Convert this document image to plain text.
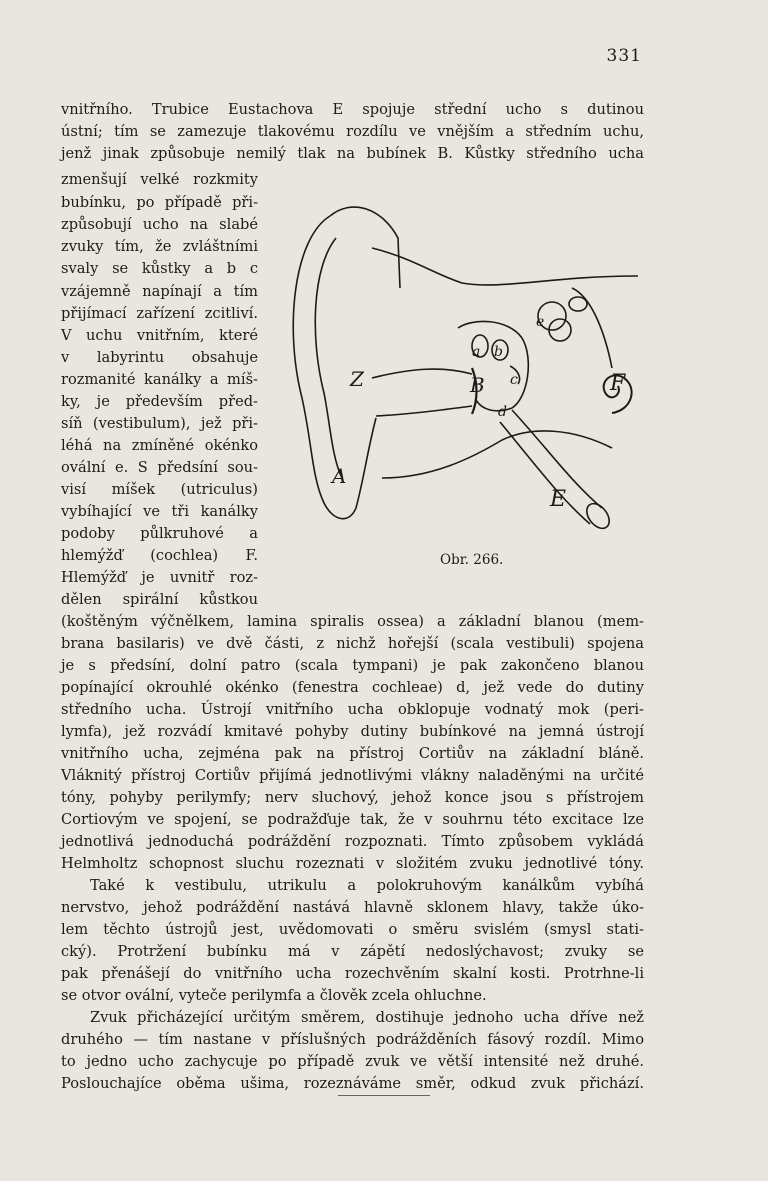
331
vnitřního. Trubice Eustachova E spojuje střední ucho s dutinou
ústní; tím se zamezuje tlakovému rozdílu ve vnějším a středním uchu,
jenž jinak způsobuje nemilý tlak na bubínek B. Kůstky středního ucha
zmenšují velké rozkmity
bubínku, po případě při-
způsobují ucho na slabé
zvuky tím, že zvláštními
svaly se kůstky a b c
vzájemně napínají a tím
přijímací zařízení zcitliví.
V uchu vnitřním, které
v labyrintu obsahuje
rozmanité kanálky a míš-
ky, je především před-
síň (vestibulum), jež při-
léhá na zmíněné okénko
ovální e. S předsíní sou-
visí míšek (utriculus)
vybíhající ve tři kanálky
podoby půlkruhové a
hlemýžď (cochlea) F.
Hlemýžď je uvnitř roz-
dělen spirální kůstkou
(koštěným výčnělkem, lamina spiralis ossea) a základní blanou (mem-
brana basilaris) ve dvě části, z nichž hořejší (scala vestibuli) spojena
je s předsíní, dolní patro (scala tympani) je pak zakončeno blanou
popínající okrouhlé okénko (fenestra cochleae) d, jež vede do dutiny
středního ucha. Ústrojí vnitřního ucha obklopuje vodnatý mok (peri-
lymfa), jež rozvádí kmitavé pohyby dutiny bubínkové na jemná ústrojí
vnitřního ucha, zejména pak na přístroj Cortiův na základní bláně.
Vláknitý přístroj Cortiův přijímá jednotlivými vlákny naladěnými na určité
tóny, pohyby perilymfy; nerv sluchový, jehož konce jsou s přístrojem
Cortiovým ve spojení, se podražďuje tak, že v souhrnu této excitace lze
jednotlivá jednoduchá podráždění rozpoznati. Tímto způsobem vykládá
Helmholtz schopnost sluchu rozeznati v složitém zvuku jednotlivé tóny.
Také k vestibulu, utrikulu a polokruhovým kanálkům vybíhá
nervstvo, jehož podráždění nastává hlavně sklonem hlavy, takže úko-
lem těchto ústrojů jest, uvědomovati o směru svislém (smysl stati-
cký). Protržení bubínku má v zápětí nedoslýchavost; zvuky se
pak přenášejí do vnitřního ucha rozechvěním skalní kosti. Protrhne-li
se otvor ovální, vyteče perilymfa a člověk zcela ohluchne.
Zvuk přicházející určitým směrem, dostihuje jednoho ucha dříve než
druhého — tím nastane v příslušných podrážděních fásový rozdíl. Mimo
to jedno ucho zachycuje po případě zvuk ve větší intensité než druhé.
Poslouchajíce oběma ušima, rozeznáváme směr, odkud zvuk přichází.
Z
A
B
E
F
a b
c
d
e
Obr. 266.
